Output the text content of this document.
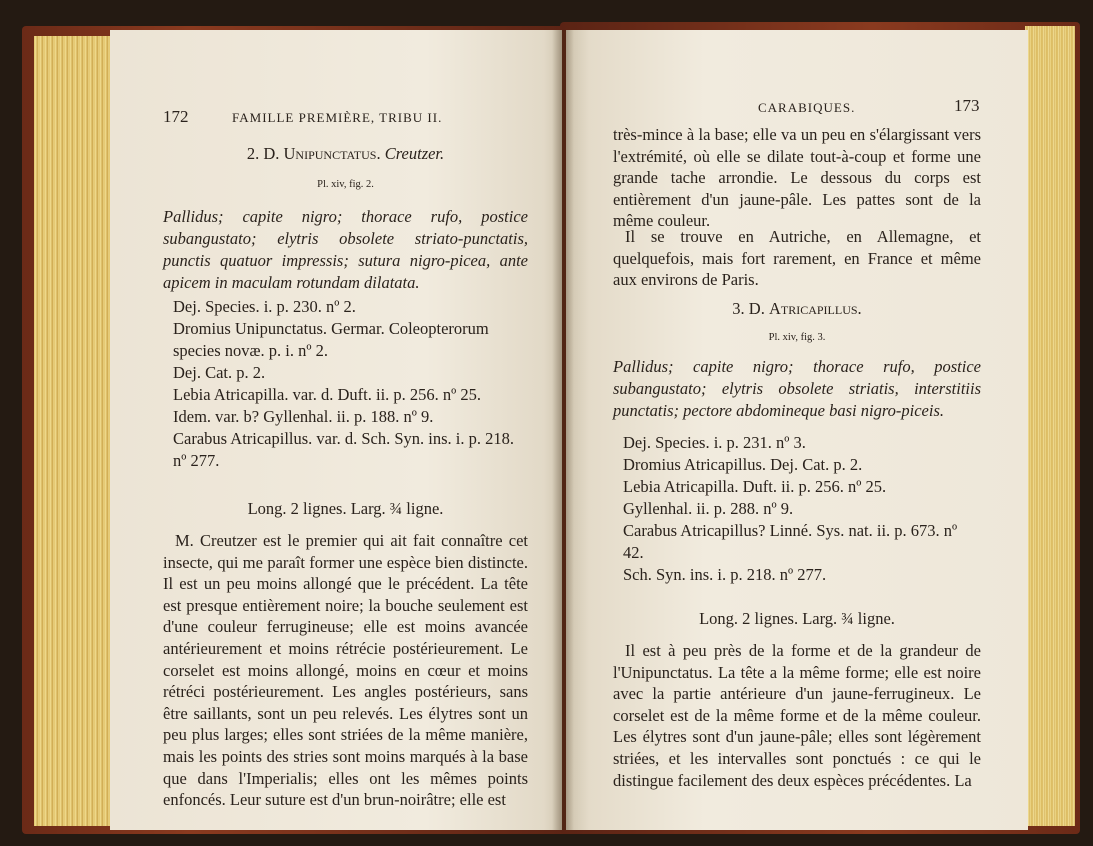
172	FAMILLE PREMIÈRE, TRIBU II.
2. D. Unipunctatus. Creutzer.
Pl. xiv, fig. 2.

Pallidus; capite nigro; thorace rufo, postice subangustato; elytris obsolete striato-punctatis, punctis quatuor impressis; sutura nigro-picea, ante apicem in maculam rotundam dilatata.

Dej. Species. i. p. 230. nº 2.

Dromius Unipunctatus. Germar. Coleopterorum species novæ. p. i. nº 2.

Dej. Cat. p. 2.

Lebia Atricapilla. var. d. Duft. ii. p. 256. nº 25.

Idem. var. b? Gyllenhal. ii. p. 188. nº 9.

Carabus Atricapillus. var. d. Sch. Syn. ins. i. p. 218. nº 277.

Long. 2 lignes. Larg. ¾ ligne.

M. Creutzer est le premier qui ait fait connaître cet insecte, qui me paraît former une espèce bien distincte. Il est un peu moins allongé que le précédent. La tête est presque entièrement noire; la bouche seulement est d'une couleur ferrugineuse; elle est moins avancée antérieurement et moins rétrécie postérieurement. Le corselet est moins allongé, moins en cœur et moins rétréci postérieurement. Les angles postérieurs, sans être saillants, sont un peu relevés. Les élytres sont un peu plus larges; elles sont striées de la même manière, mais les points des stries sont moins marqués à la base que dans l'Imperialis; elles ont les mêmes points enfoncés. Leur suture est d'un brun-noirâtre; elle est

CARABIQUES.	173

très-mince à la base; elle va un peu en s'élargissant vers l'extrémité, où elle se dilate tout-à-coup et forme une grande tache arrondie. Le dessous du corps est entièrement d'un jaune-pâle. Les pattes sont de la même couleur.

Il se trouve en Autriche, en Allemagne, et quelquefois, mais fort rarement, en France et même aux environs de Paris.

3. D. Atricapillus.
Pl. xiv, fig. 3.

Pallidus; capite nigro; thorace rufo, postice subangustato; elytris obsolete striatis, interstitiis punctatis; pectore abdomineque basi nigro-piceis.

Dej. Species. i. p. 231. nº 3.

Dromius Atricapillus. Dej. Cat. p. 2.

Lebia Atricapilla. Duft. ii. p. 256. nº 25.

Gyllenhal. ii. p. 288. nº 9.

Carabus Atricapillus? Linné. Sys. nat. ii. p. 673. nº 42.

Sch. Syn. ins. i. p. 218. nº 277.

Long. 2 lignes. Larg. ¾ ligne.

Il est à peu près de la forme et de la grandeur de l'Unipunctatus. La tête a la même forme; elle est noire avec la partie antérieure d'un jaune-ferrugineux. Le corselet est de la même forme et de la même couleur. Les élytres sont d'un jaune-pâle; elles sont légèrement striées, et les intervalles sont ponctués : ce qui le distingue facilement des deux espèces précédentes. La
